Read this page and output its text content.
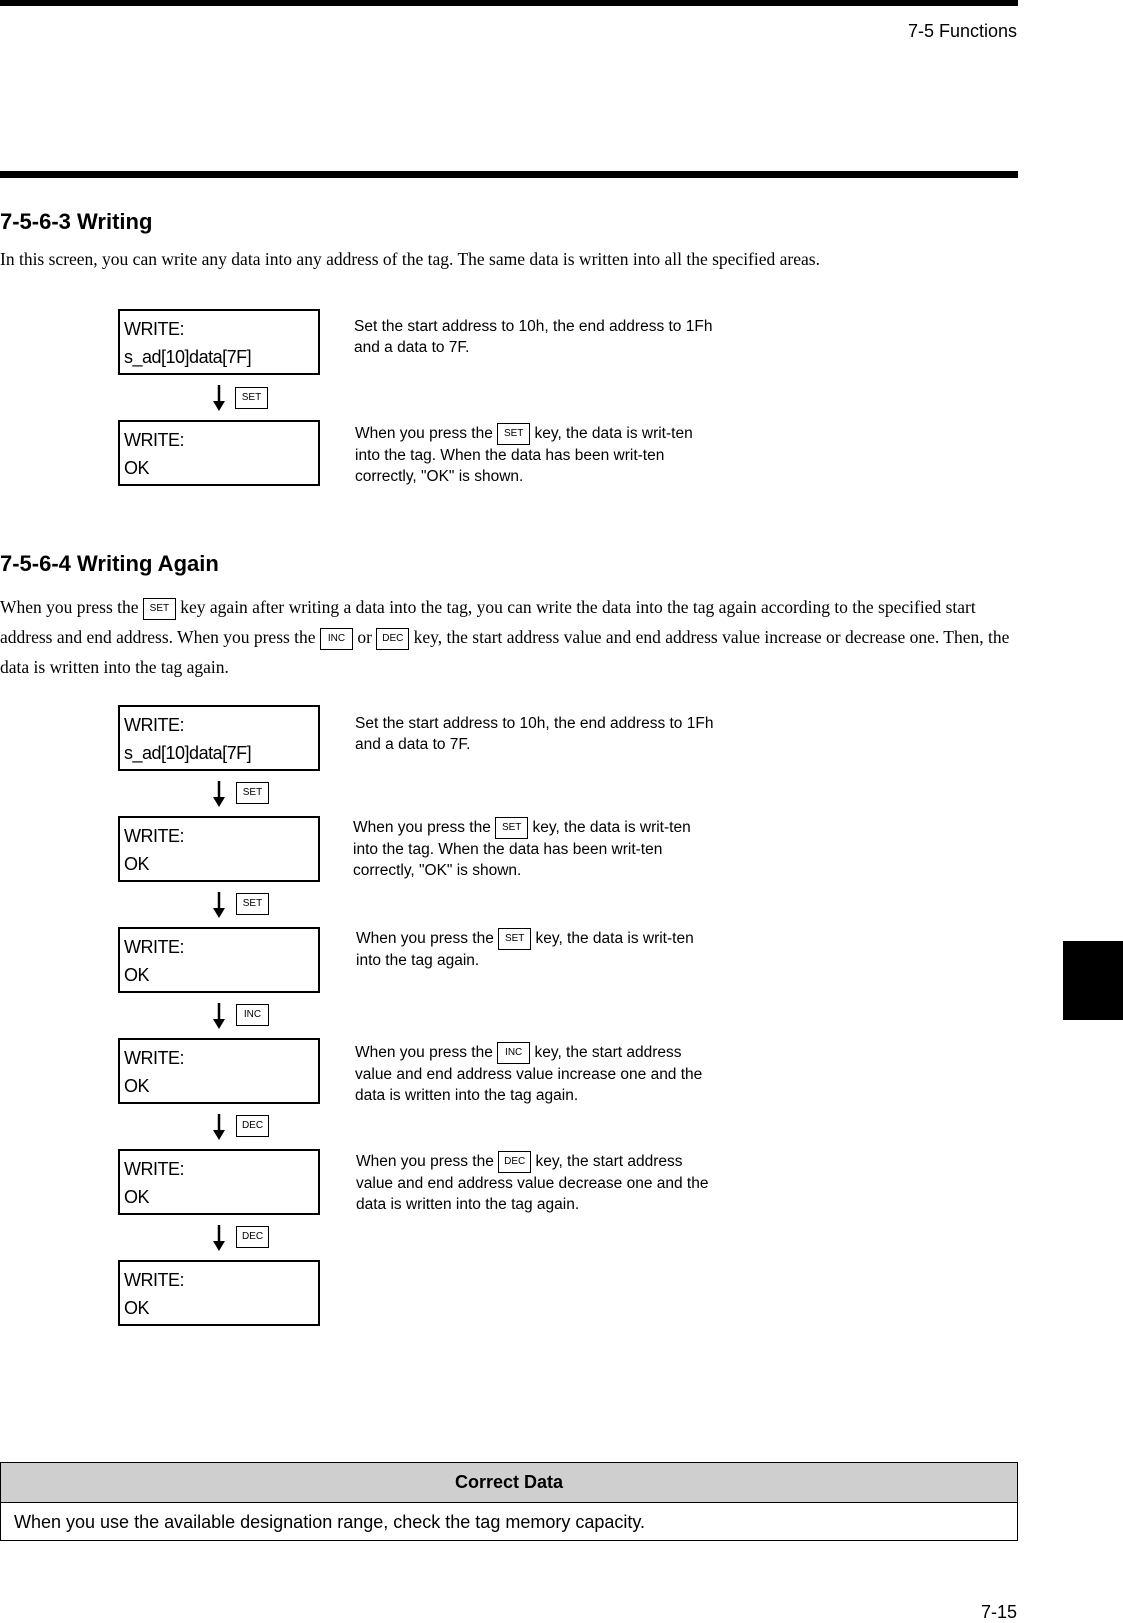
7-5 Functions
7-15
7-5-6-3 Writing
In this screen, you can write any data into any address of the tag. The same data is written into all the specified areas.
WRITE:
s_ad[10]data[7F]
SET
WRITE:
OK
Set the start address to 10h, the end address to 1Fh and a data to 7F.
When you press the SET key, the data is writ-ten into the tag. When the data has been writ-ten correctly, "OK" is shown.
7-5-6-4 Writing Again
When you press the SET key again after writing a data into the tag, you can write the data into the tag again according to the specified start address and end address. When you press the INC or DEC key, the start address value and end address value increase or decrease one. Then, the data is written into the tag again.
WRITE:
s_ad[10]data[7F]
SET
WRITE:
OK
SET
WRITE:
OK
INC
WRITE:
OK
DEC
WRITE:
OK
DEC
WRITE:
OK
Set the start address to 10h, the end address to 1Fh and a data to 7F.
When you press the SET key, the data is writ-ten into the tag. When the data has been writ-ten correctly, "OK" is shown.
When you press the SET key, the data is writ-ten into the tag again.
When you press the INC key, the start address value and end address value increase one and the data is written into the tag again.
When you press the DEC key, the start address value and end address value decrease one and the data is written into the tag again.
Correct Data
When you use the available designation range, check the tag memory capacity.
